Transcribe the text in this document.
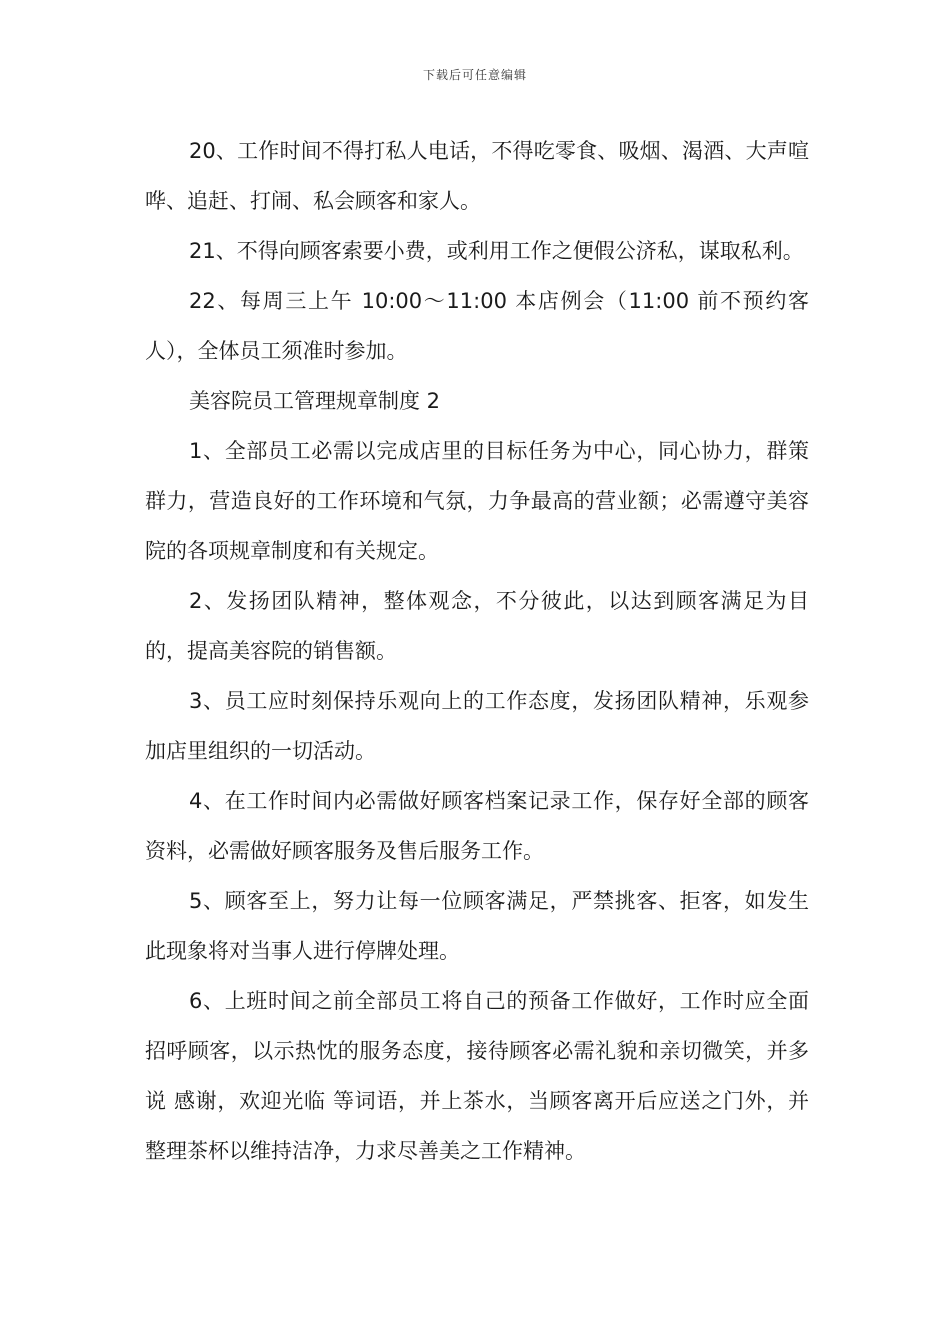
下载后可任意编辑

20、工作时间不得打私人电话，不得吃零食、吸烟、渴酒、大声喧哗、追赶、打闹、私会顾客和家人。

21、不得向顾客索要小费，或利用工作之便假公济私，谋取私利。

22、每周三上午 10:00～11:00 本店例会（11:00 前不预约客人），全体员工须准时参加。

美容院员工管理规章制度 2

1、全部员工必需以完成店里的目标任务为中心，同心协力，群策群力，营造良好的工作环境和气氛，力争最高的营业额；必需遵守美容院的各项规章制度和有关规定。

2、发扬团队精神，整体观念，不分彼此，以达到顾客满足为目的，提高美容院的销售额。

3、员工应时刻保持乐观向上的工作态度，发扬团队精神，乐观参加店里组织的一切活动。

4、在工作时间内必需做好顾客档案记录工作，保存好全部的顾客资料，必需做好顾客服务及售后服务工作。

5、顾客至上，努力让每一位顾客满足，严禁挑客、拒客，如发生此现象将对当事人进行停牌处理。

6、上班时间之前全部员工将自己的预备工作做好，工作时应全面招呼顾客，以示热忱的服务态度，接待顾客必需礼貌和亲切微笑，并多说 感谢，欢迎光临 等词语，并上茶水，当顾客离开后应送之门外，并整理茶杯以维持洁净，力求尽善美之工作精神。
